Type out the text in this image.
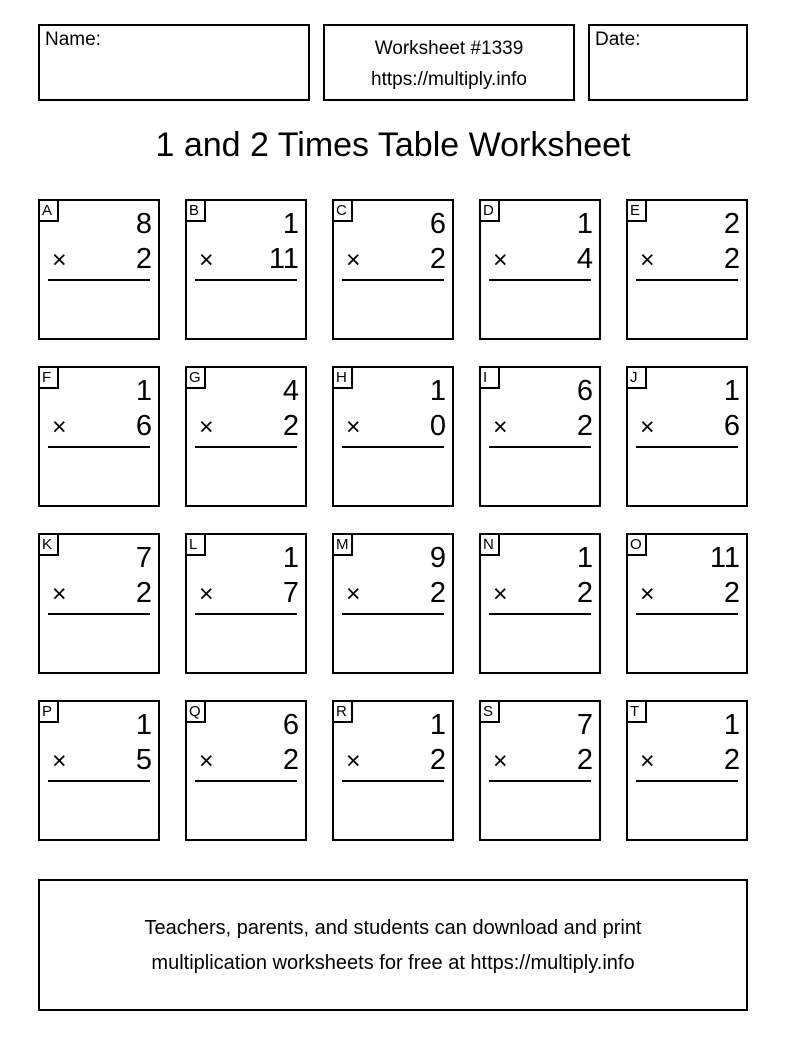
Name:	Worksheet #1339
https://multiply.info
Date:
1 and 2 Times Table Worksheet
A	8
× 2
B	1
× 11
C	6
× 2
D	1
× 4
E	2
× 2
F	1
× 6
G	4
× 2
H	1
× 0
I	6
× 2
J	1
× 6
K	7
× 2
L	1
× 7
M	9
× 2
N	1
× 2
O 11
× 2
P	1
× 5
Q	6
× 2
R	1
× 2
S	7
× 2
T	1
× 2
Teachers, parents, and students can download and print
multiplication worksheets for free at https://multiply.info
